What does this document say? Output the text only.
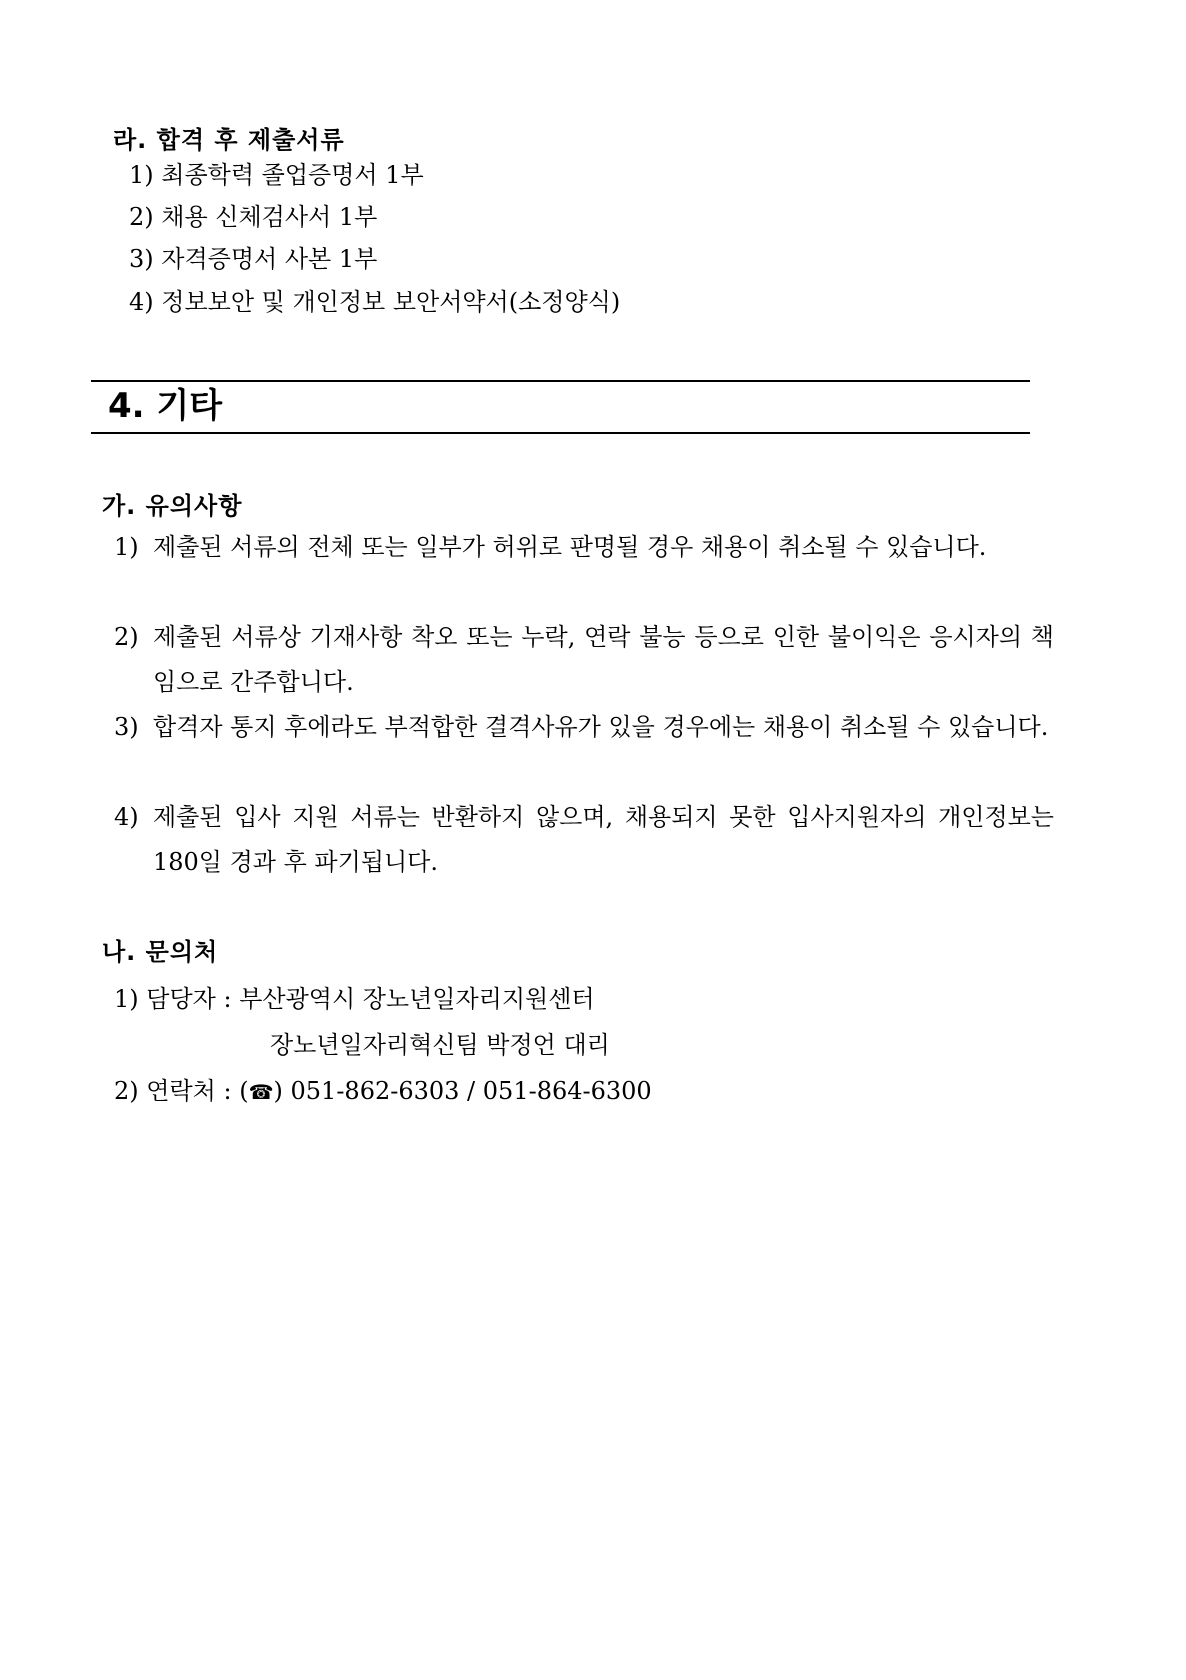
라. 합격 후 제출서류
1) 최종학력 졸업증명서 1부
2) 채용 신체검사서 1부
3) 자격증명서 사본 1부
4) 정보보안 및 개인정보 보안서약서(소정양식)
4. 기타
가. 유의사항
1) 제출된 서류의 전체 또는 일부가 허위로 판명될 경우 채용이 취소될 수 있습니다.
2) 제출된 서류상 기재사항 착오 또는 누락, 연락 불능 등으로 인한 불이익은 응시자의 책임으로 간주합니다.
3) 합격자 통지 후에라도 부적합한 결격사유가 있을 경우에는 채용이 취소될 수 있습니다.
4) 제출된 입사 지원 서류는 반환하지 않으며, 채용되지 못한 입사지원자의 개인정보는 180일 경과 후 파기됩니다.
나. 문의처
1) 담당자 : 부산광역시 장노년일자리지원센터
장노년일자리혁신팀 박정언 대리
2) 연락처 : (☎) 051-862-6303 / 051-864-6300
